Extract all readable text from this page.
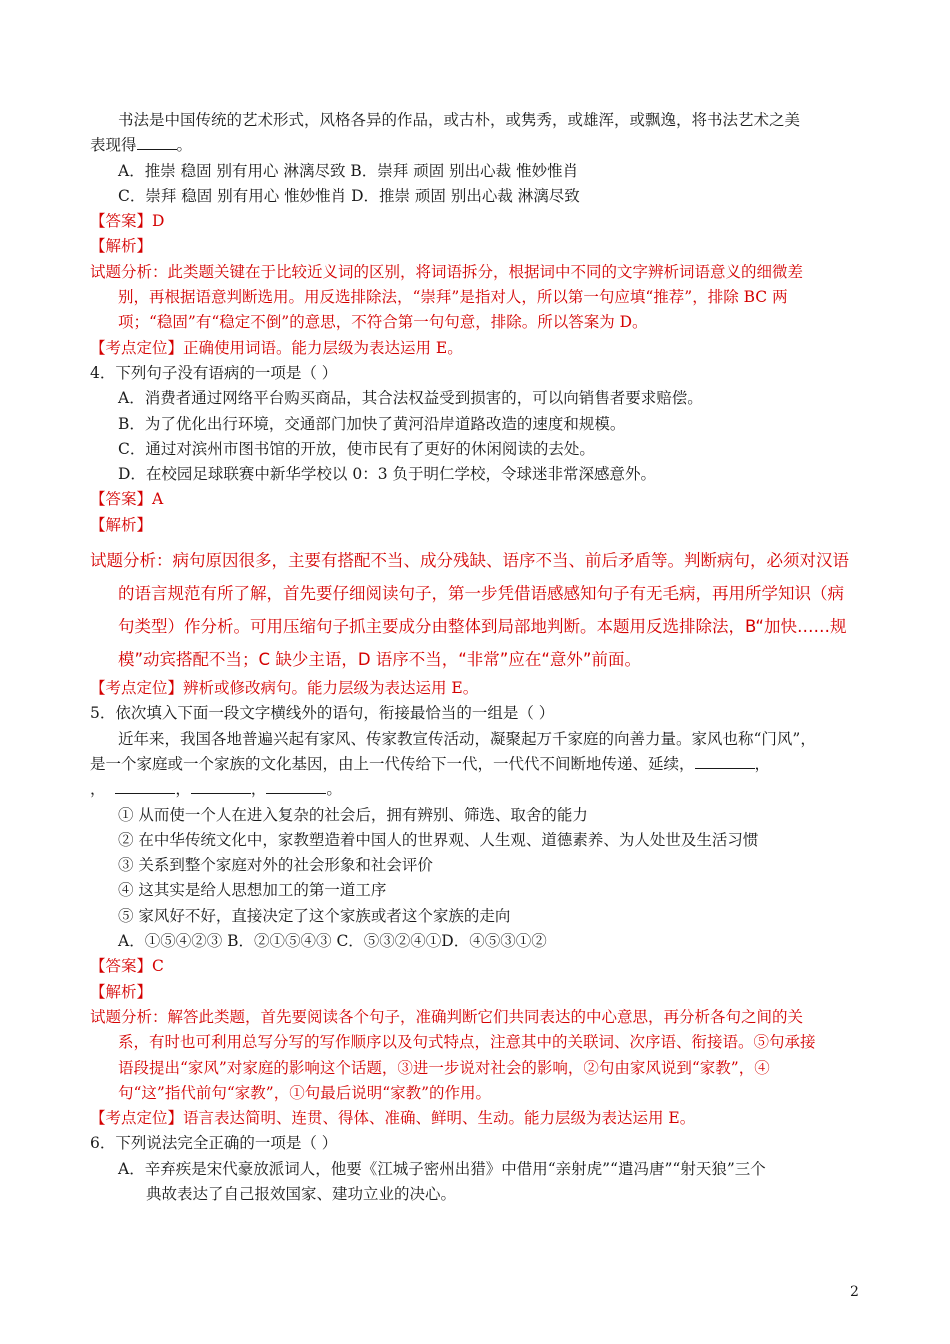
书法是中国传统的艺术形式，风格各异的作品，或古朴，或隽秀，或雄浑，或飘逸，将书法艺术之美
表现得	。
A．推崇 稳固 别有用心 淋漓尽致 B．崇拜 顽固 别出心裁 惟妙惟肖
C．崇拜 稳固 别有用心 惟妙惟肖 D．推崇 顽固 别出心裁 淋漓尽致
【答案】D
【解析】
试题分析：此类题关键在于比较近义词的区别，将词语拆分，根据词中不同的文字辨析词语意义的细微差
别，再根据语意判断选用。用反选排除法，“崇拜”是指对人，所以第一句应填“推荐”，排除 BC 两
项；“稳固”有“稳定不倒”的意思，不符合第一句句意，排除。所以答案为 D。
【考点定位】正确使用词语。能力层级为表达运用 E。
4．下列句子没有语病的一项是（ ）
A．消费者通过网络平台购买商品，其合法权益受到损害的，可以向销售者要求赔偿。
B．为了优化出行环境，交通部门加快了黄河沿岸道路改造的速度和规模。
C．通过对滨州市图书馆的开放，使市民有了更好的休闲阅读的去处。
D．在校园足球联赛中新华学校以 0：3 负于明仁学校，令球迷非常深感意外。
【答案】A
【解析】
试题分析：病句原因很多，主要有搭配不当、成分残缺、语序不当、前后矛盾等。判断病句，必须对汉语
的语言规范有所了解，首先要仔细阅读句子，第一步凭借语感感知句子有无毛病，再用所学知识（病
句类型）作分析。可用压缩句子抓主要成分由整体到局部地判断。本题用反选排除法，B“加快……规
模”动宾搭配不当；C 缺少主语，D 语序不当，“非常”应在“意外”前面。
【考点定位】辨析或修改病句。能力层级为表达运用 E。
5．依次填入下面一段文字横线外的语句，衔接最恰当的一组是（ ）
近年来，我国各地普遍兴起有家风、传家教宣传活动，凝聚起万千家庭的向善力量。家风也称“门风”，
是一个家庭或一个家族的文化基因，由上一代传给下一代，一代代不间断地传递、延续，	，
，	，	，	。
① 从而使一个人在进入复杂的社会后，拥有辨别、筛选、取舍的能力
② 在中华传统文化中，家教塑造着中国人的世界观、人生观、道德素养、为人处世及生活习惯
③ 关系到整个家庭对外的社会形象和社会评价
④ 这其实是给人思想加工的第一道工序
⑤ 家风好不好，直接决定了这个家族或者这个家族的走向
A．①⑤④②③ B．②①⑤④③ C．⑤③②④①D．④⑤③①②
【答案】C
【解析】
试题分析：解答此类题，首先要阅读各个句子，准确判断它们共同表达的中心意思，再分析各句之间的关
系，有时也可利用总写分写的写作顺序以及句式特点，注意其中的关联词、次序语、衔接语。⑤句承接
语段提出“家风”对家庭的影响这个话题，③进一步说对社会的影响，②句由家风说到“家教”，④
句“这”指代前句“家教”，①句最后说明“家教”的作用。
【考点定位】语言表达简明、连贯、得体、准确、鲜明、生动。能力层级为表达运用 E。
6．下列说法完全正确的一项是（ ）
A．辛弃疾是宋代豪放派词人，他要《江城子密州出猎》中借用“亲射虎”“遣冯唐”“射天狼”三个
典故表达了自己报效国家、建功立业的决心。
2
